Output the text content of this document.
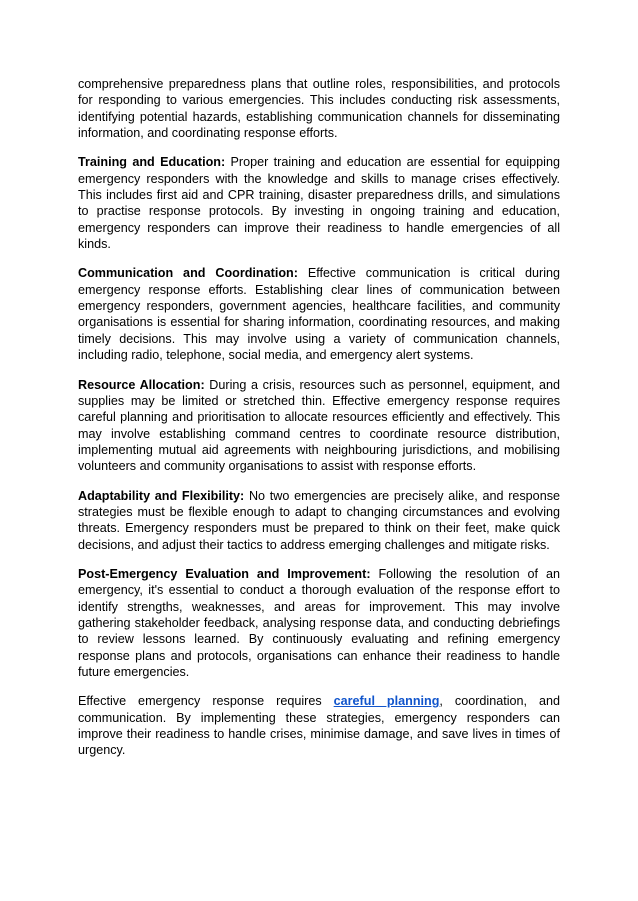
comprehensive preparedness plans that outline roles, responsibilities, and protocols for responding to various emergencies. This includes conducting risk assessments, identifying potential hazards, establishing communication channels for disseminating information, and coordinating response efforts.

Training and Education: Proper training and education are essential for equipping emergency responders with the knowledge and skills to manage crises effectively. This includes first aid and CPR training, disaster preparedness drills, and simulations to practise response protocols. By investing in ongoing training and education, emergency responders can improve their readiness to handle emergencies of all kinds.

Communication and Coordination: Effective communication is critical during emergency response efforts. Establishing clear lines of communication between emergency responders, government agencies, healthcare facilities, and community organisations is essential for sharing information, coordinating resources, and making timely decisions. This may involve using a variety of communication channels, including radio, telephone, social media, and emergency alert systems.

Resource Allocation: During a crisis, resources such as personnel, equipment, and supplies may be limited or stretched thin. Effective emergency response requires careful planning and prioritisation to allocate resources efficiently and effectively. This may involve establishing command centres to coordinate resource distribution, implementing mutual aid agreements with neighbouring jurisdictions, and mobilising volunteers and community organisations to assist with response efforts.

Adaptability and Flexibility: No two emergencies are precisely alike, and response strategies must be flexible enough to adapt to changing circumstances and evolving threats. Emergency responders must be prepared to think on their feet, make quick decisions, and adjust their tactics to address emerging challenges and mitigate risks.

Post-Emergency Evaluation and Improvement: Following the resolution of an emergency, it's essential to conduct a thorough evaluation of the response effort to identify strengths, weaknesses, and areas for improvement. This may involve gathering stakeholder feedback, analysing response data, and conducting debriefings to review lessons learned. By continuously evaluating and refining emergency response plans and protocols, organisations can enhance their readiness to handle future emergencies.

Effective emergency response requires careful planning, coordination, and communication. By implementing these strategies, emergency responders can improve their readiness to handle crises, minimise damage, and save lives in times of urgency.
